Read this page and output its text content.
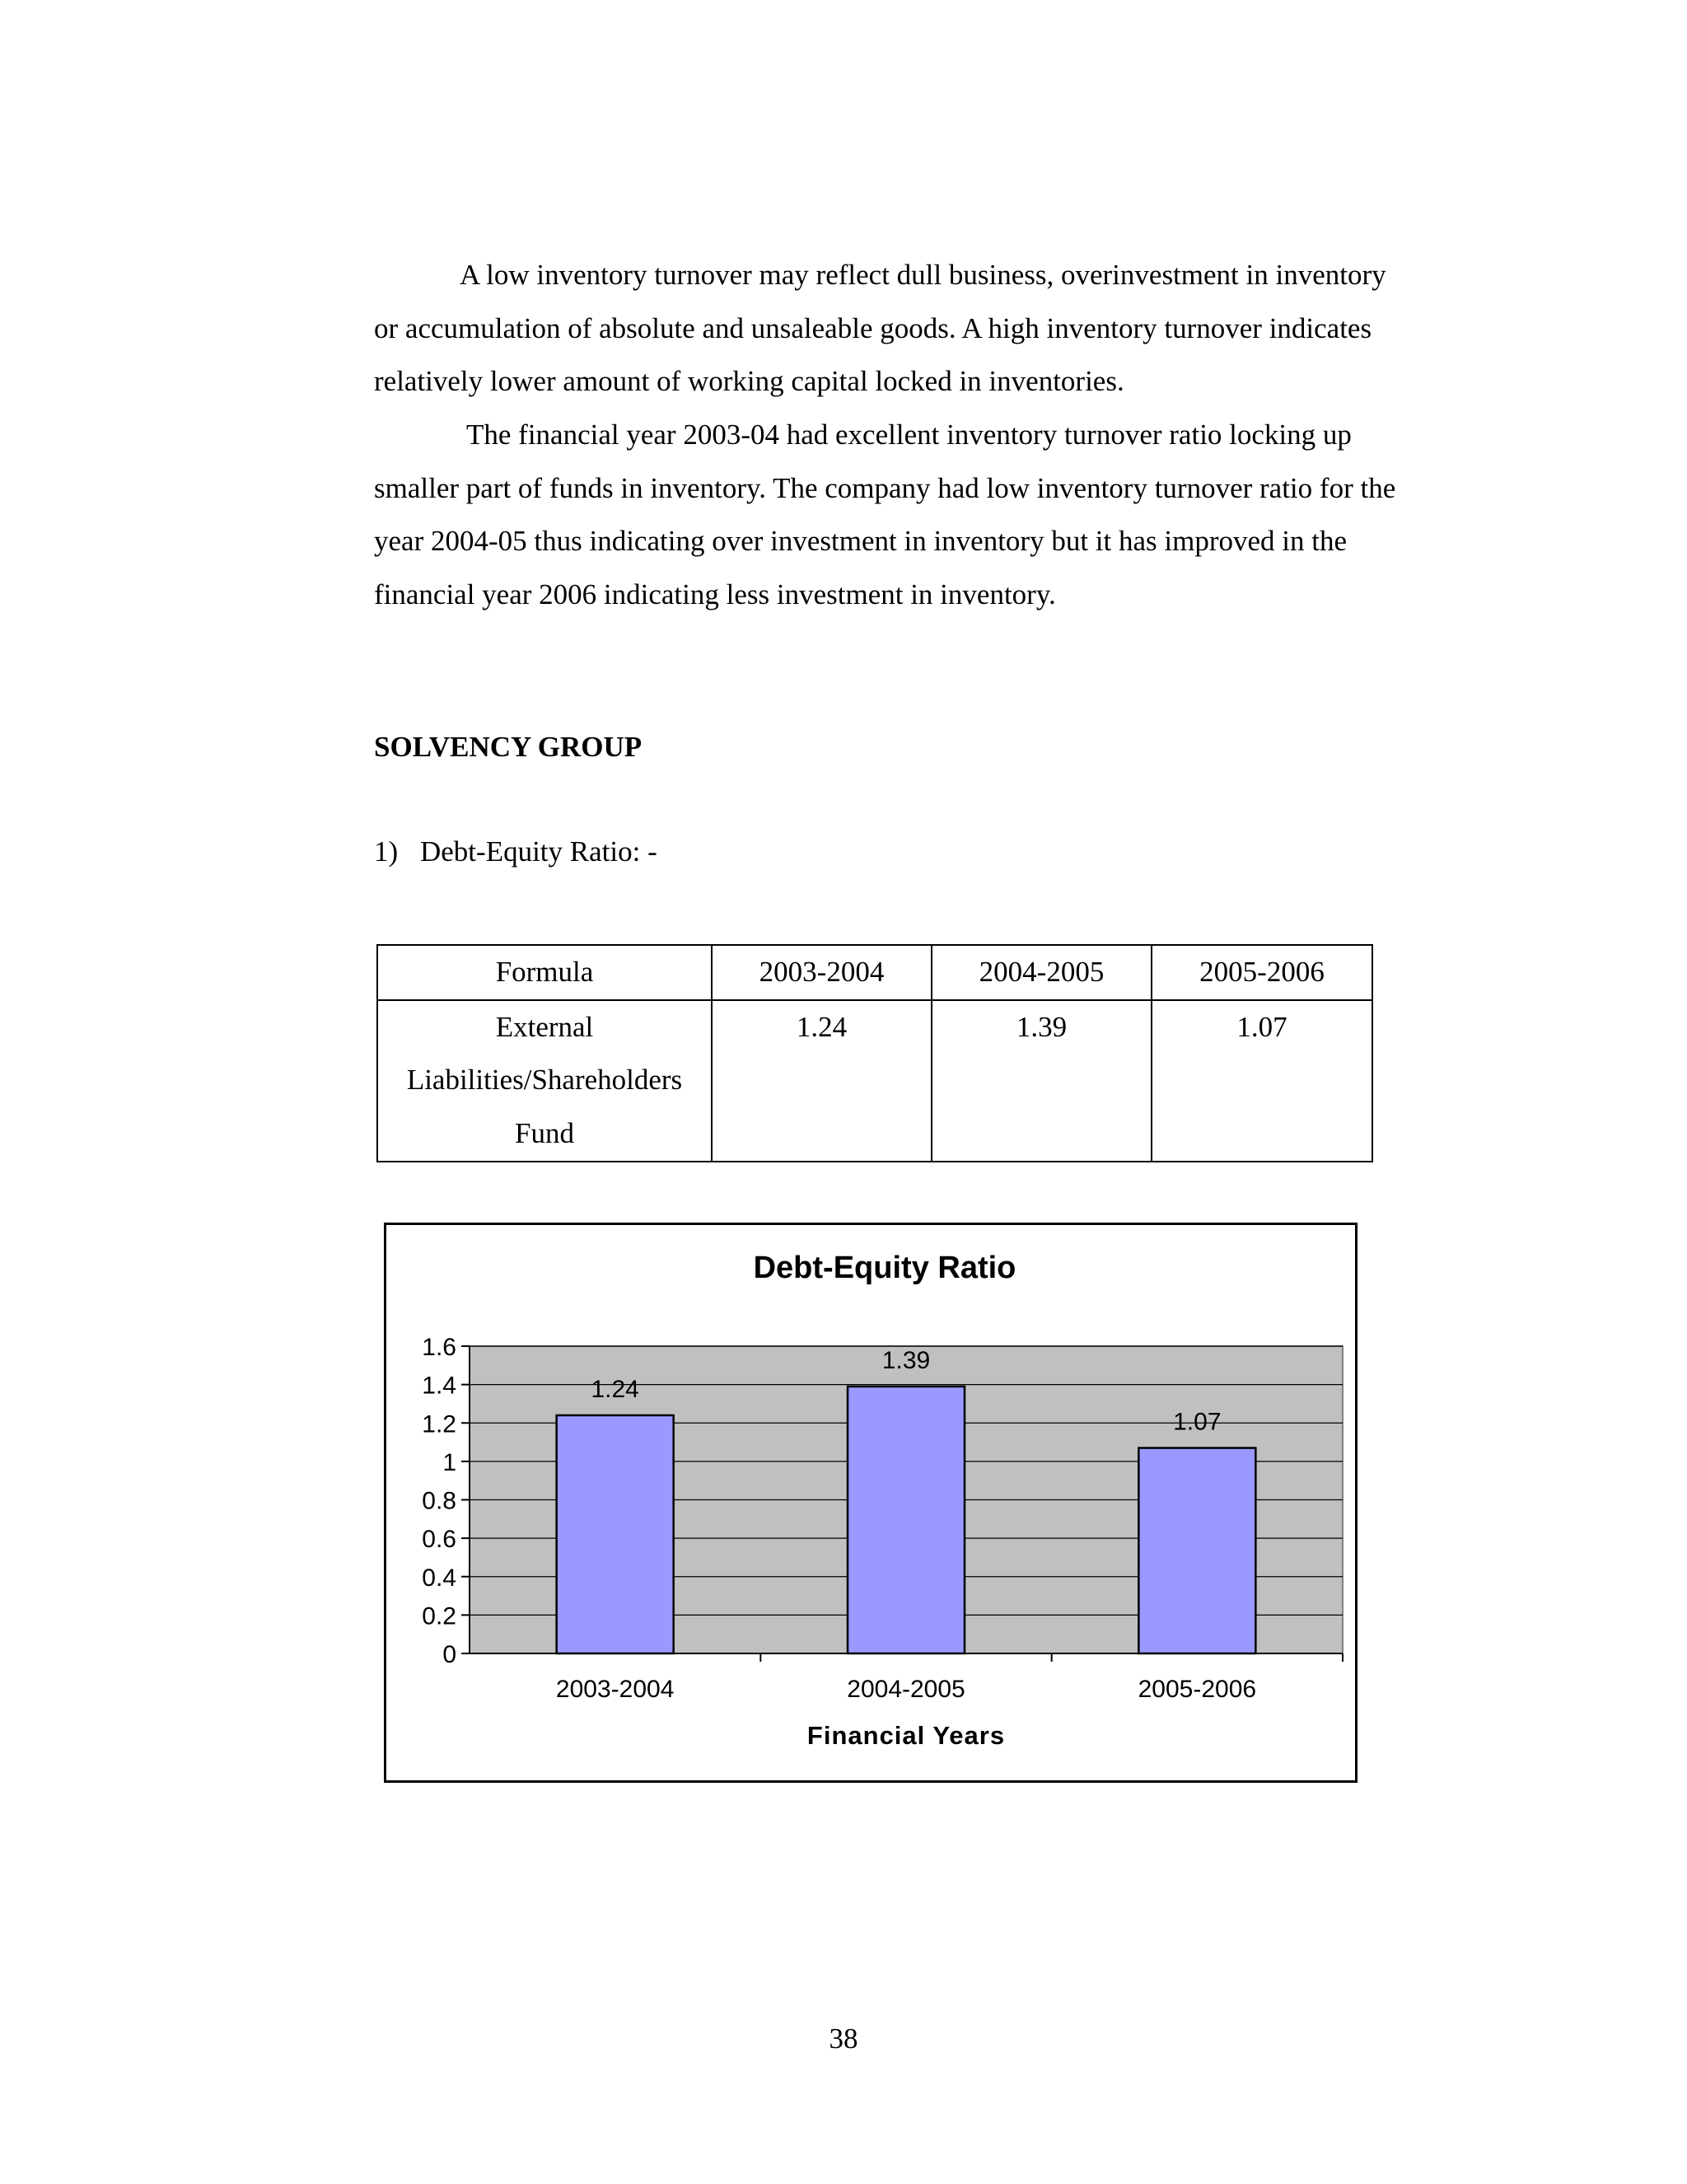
A low inventory turnover may reflect dull business, overinvestment in inventory or accumulation of absolute and unsaleable goods. A high inventory turnover indicates relatively lower amount of working capital locked in inventories.

The financial year 2003-04 had excellent inventory turnover ratio locking up smaller part of funds in inventory. The company had low inventory turnover ratio for the year 2004-05 thus indicating over investment in inventory but it has improved in the financial year 2006 indicating less investment in inventory.

SOLVENCY GROUP

1) Debt-Equity Ratio: -

Formula	2003-2004	2004-2005	2005-2006
External Liabilities/Shareholders Fund	1.24	1.39	1.07
Debt-Equity Ratio
0
0.2
0.4
0.6
0.8
1
1.2
1.4
1.6
1.24
2003-2004
1.39
2004-2005
1.07
2005-2006
Financial Years

38
